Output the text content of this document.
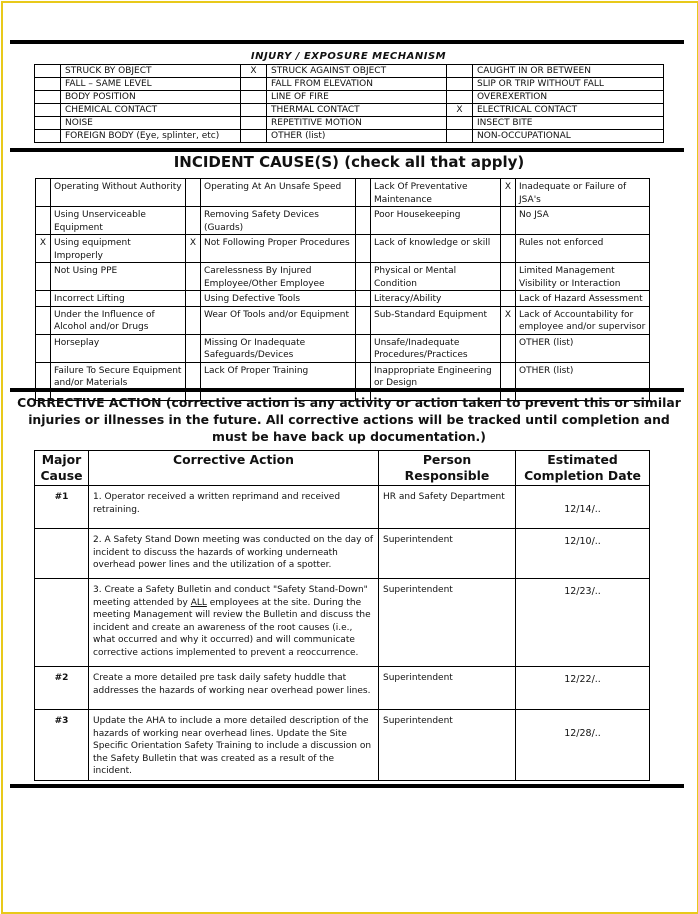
INJURY / EXPOSURE MECHANISM
	STRUCK BY OBJECT	X	STRUCK AGAINST OBJECT		CAUGHT IN OR BETWEEN
	FALL – SAME LEVEL		FALL FROM ELEVATION		SLIP OR TRIP WITHOUT FALL
	BODY POSITION		LINE OF FIRE		OVEREXERTION
	CHEMICAL CONTACT		THERMAL CONTACT	X	ELECTRICAL CONTACT
	NOISE		REPETITIVE MOTION		INSECT BITE
	FOREIGN BODY (Eye, splinter, etc)		OTHER (list)		NON-OCCUPATIONAL
INCIDENT CAUSE(S) (check all that apply)
	Operating Without Authority		Operating At An Unsafe Speed		Lack Of Preventative Maintenance	X	Inadequate or Failure of JSA's
	Using Unserviceable Equipment		Removing Safety Devices (Guards)		Poor Housekeeping		No JSA
X	Using equipment Improperly	X	Not Following Proper Procedures		Lack of knowledge or skill		Rules not enforced
	Not Using PPE		Carelessness By Injured Employee/Other Employee		Physical or Mental Condition		Limited Management Visibility or Interaction
	Incorrect Lifting		Using Defective Tools		Literacy/Ability		Lack of Hazard Assessment
	Under the Influence of Alcohol and/or Drugs		Wear Of Tools and/or Equipment		Sub-Standard Equipment	X	Lack of Accountability for employee and/or supervisor
	Horseplay		Missing Or Inadequate Safeguards/Devices		Unsafe/Inadequate Procedures/Practices		OTHER (list)
	Failure To Secure Equipment and/or Materials		Lack Of Proper Training		Inappropriate Engineering or Design		OTHER (list)
CORRECTIVE ACTION (corrective action is any activity or action taken to prevent this or similar injuries or illnesses in the future. All corrective actions will be tracked until completion and must be have back up documentation.)
Major Cause	Corrective Action	Person Responsible	Estimated Completion Date
#1	1. Operator received a written reprimand and received retraining.	HR and Safety Department	12/14/..
	2. A Safety Stand Down meeting was conducted on the day of incident to discuss the hazards of working underneath overhead power lines and the utilization of a spotter.	Superintendent	12/10/..
	3. Create a Safety Bulletin and conduct "Safety Stand-Down" meeting attended by ALL employees at the site. During the meeting Management will review the Bulletin and discuss the incident and create an awareness of the root causes (i.e., what occurred and why it occurred) and will communicate corrective actions implemented to prevent a reoccurrence.	Superintendent	12/23/..
#2	Create a more detailed pre task daily safety huddle that addresses the hazards of working near overhead power lines.	Superintendent	12/22/..
#3	Update the AHA to include a more detailed description of the hazards of working near overhead lines. Update the Site Specific Orientation Safety Training to include a discussion on the Safety Bulletin that was created as a result of the incident.	Superintendent	12/28/..
